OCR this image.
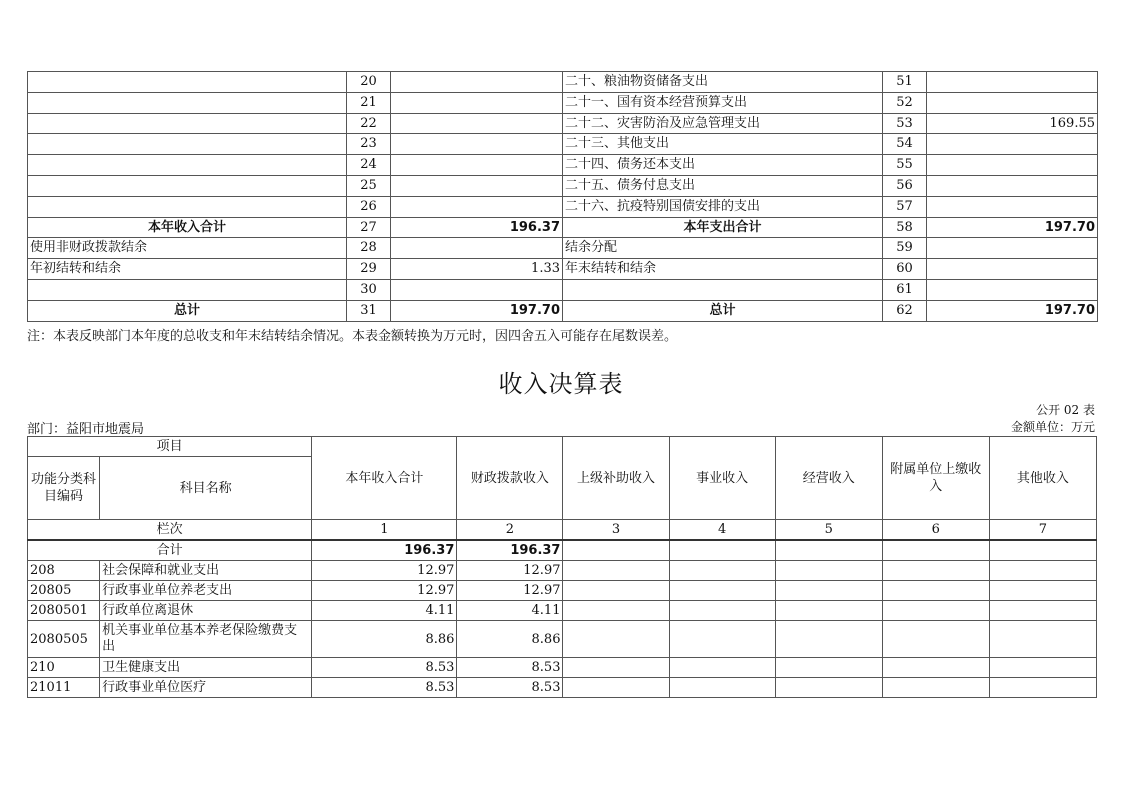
	20		二十、粮油物资储备支出	51	
	21		二十一、国有资本经营预算支出	52	
	22		二十二、灾害防治及应急管理支出	53	169.55
	23		二十三、其他支出	54	
	24		二十四、债务还本支出	55	
	25		二十五、债务付息支出	56	
	26		二十六、抗疫特别国债安排的支出	57	
本年收入合计	27	196.37	本年支出合计	58	197.70
使用非财政拨款结余	28		结余分配	59	
年初结转和结余	29	1.33	年末结转和结余	60	
	30			61	
总计	31	197.70	总计	62	197.70
注：本表反映部门本年度的总收支和年末结转结余情况。本表金额转换为万元时，因四舍五入可能存在尾数误差。
收入决算表
公开 02 表
部门：益阳市地震局	金额单位：万元
项目		本年收入合计	财政拨款收入	上级补助收入	事业收入	经营收入	附属单位上缴收入	其他收入
功能分类科目编码	科目名称							
栏次		1	2	3	4	5	6	7
合计		196.37	196.37					
208	社会保障和就业支出	12.97	12.97					
20805	行政事业单位养老支出	12.97	12.97					
2080501	行政单位离退休	4.11	4.11					
2080505	机关事业单位基本养老保险缴费支出	8.86	8.86					
210	卫生健康支出	8.53	8.53					
21011	行政事业单位医疗	8.53	8.53					
